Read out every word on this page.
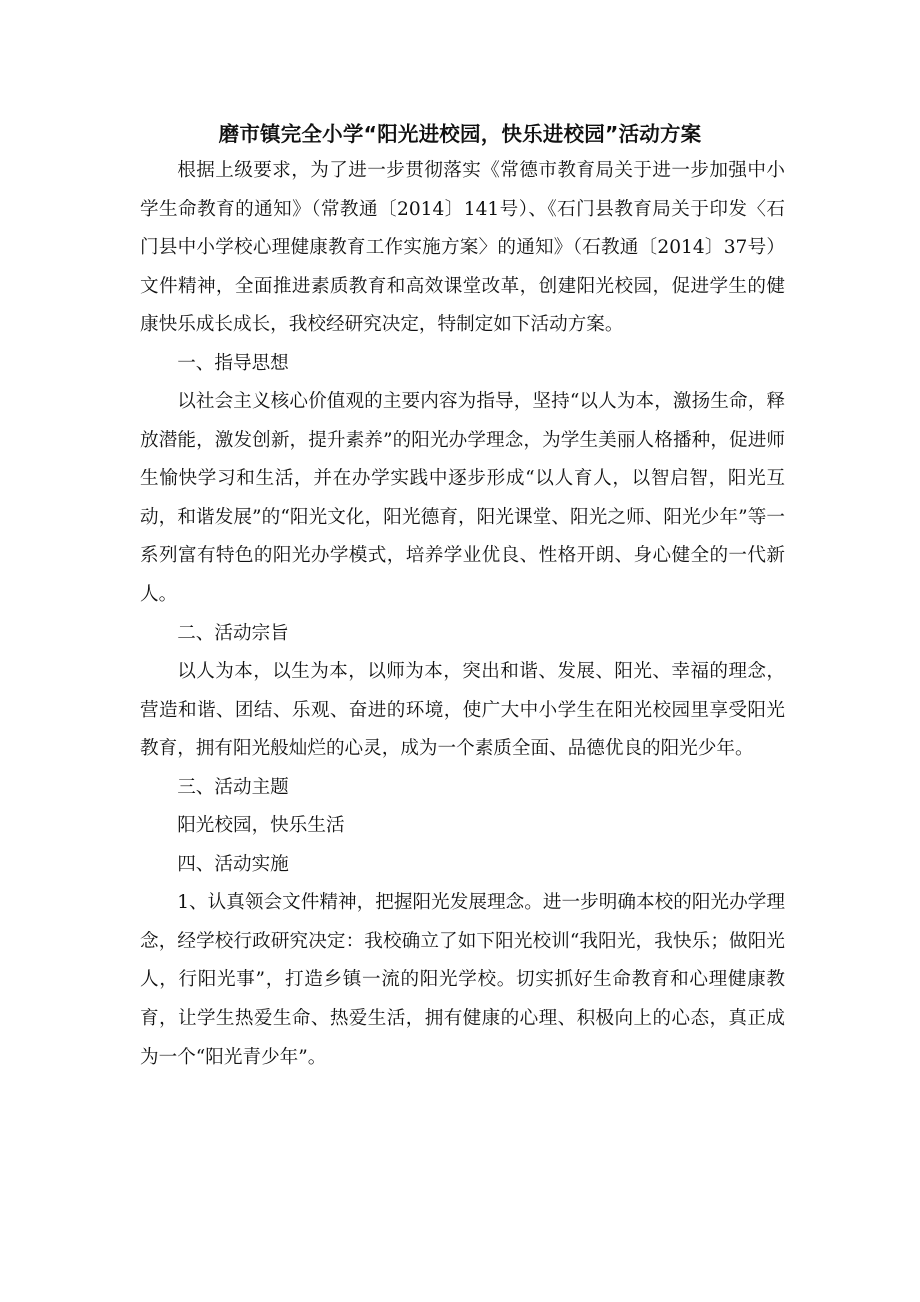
磨市镇完全小学“阳光进校园，快乐进校园”活动方案

根据上级要求，为了进一步贯彻落实《常德市教育局关于进一步加强中小学生命教育的通知》（常教通〔2014〕141号）、《石门县教育局关于印发〈石门县中小学校心理健康教育工作实施方案〉的通知》（石教通〔2014〕37号）文件精神，全面推进素质教育和高效课堂改革，创建阳光校园，促进学生的健康快乐成长成长，我校经研究决定，特制定如下活动方案。

一、指导思想

以社会主义核心价值观的主要内容为指导，坚持“以人为本，激扬生命，释放潜能，激发创新，提升素养”的阳光办学理念，为学生美丽人格播种，促进师生愉快学习和生活，并在办学实践中逐步形成“以人育人，以智启智，阳光互动，和谐发展”的“阳光文化，阳光德育，阳光课堂、阳光之师、阳光少年”等一系列富有特色的阳光办学模式，培养学业优良、性格开朗、身心健全的一代新人。

二、活动宗旨

以人为本，以生为本，以师为本，突出和谐、发展、阳光、幸福的理念，营造和谐、团结、乐观、奋进的环境，使广大中小学生在阳光校园里享受阳光教育，拥有阳光般灿烂的心灵，成为一个素质全面、品德优良的阳光少年。

三、活动主题

阳光校园，快乐生活

四、活动实施

1、认真领会文件精神，把握阳光发展理念。进一步明确本校的阳光办学理念，经学校行政研究决定：我校确立了如下阳光校训“我阳光，我快乐；做阳光人，行阳光事”，打造乡镇一流的阳光学校。切实抓好生命教育和心理健康教育，让学生热爱生命、热爱生活，拥有健康的心理、积极向上的心态，真正成为一个“阳光青少年”。
